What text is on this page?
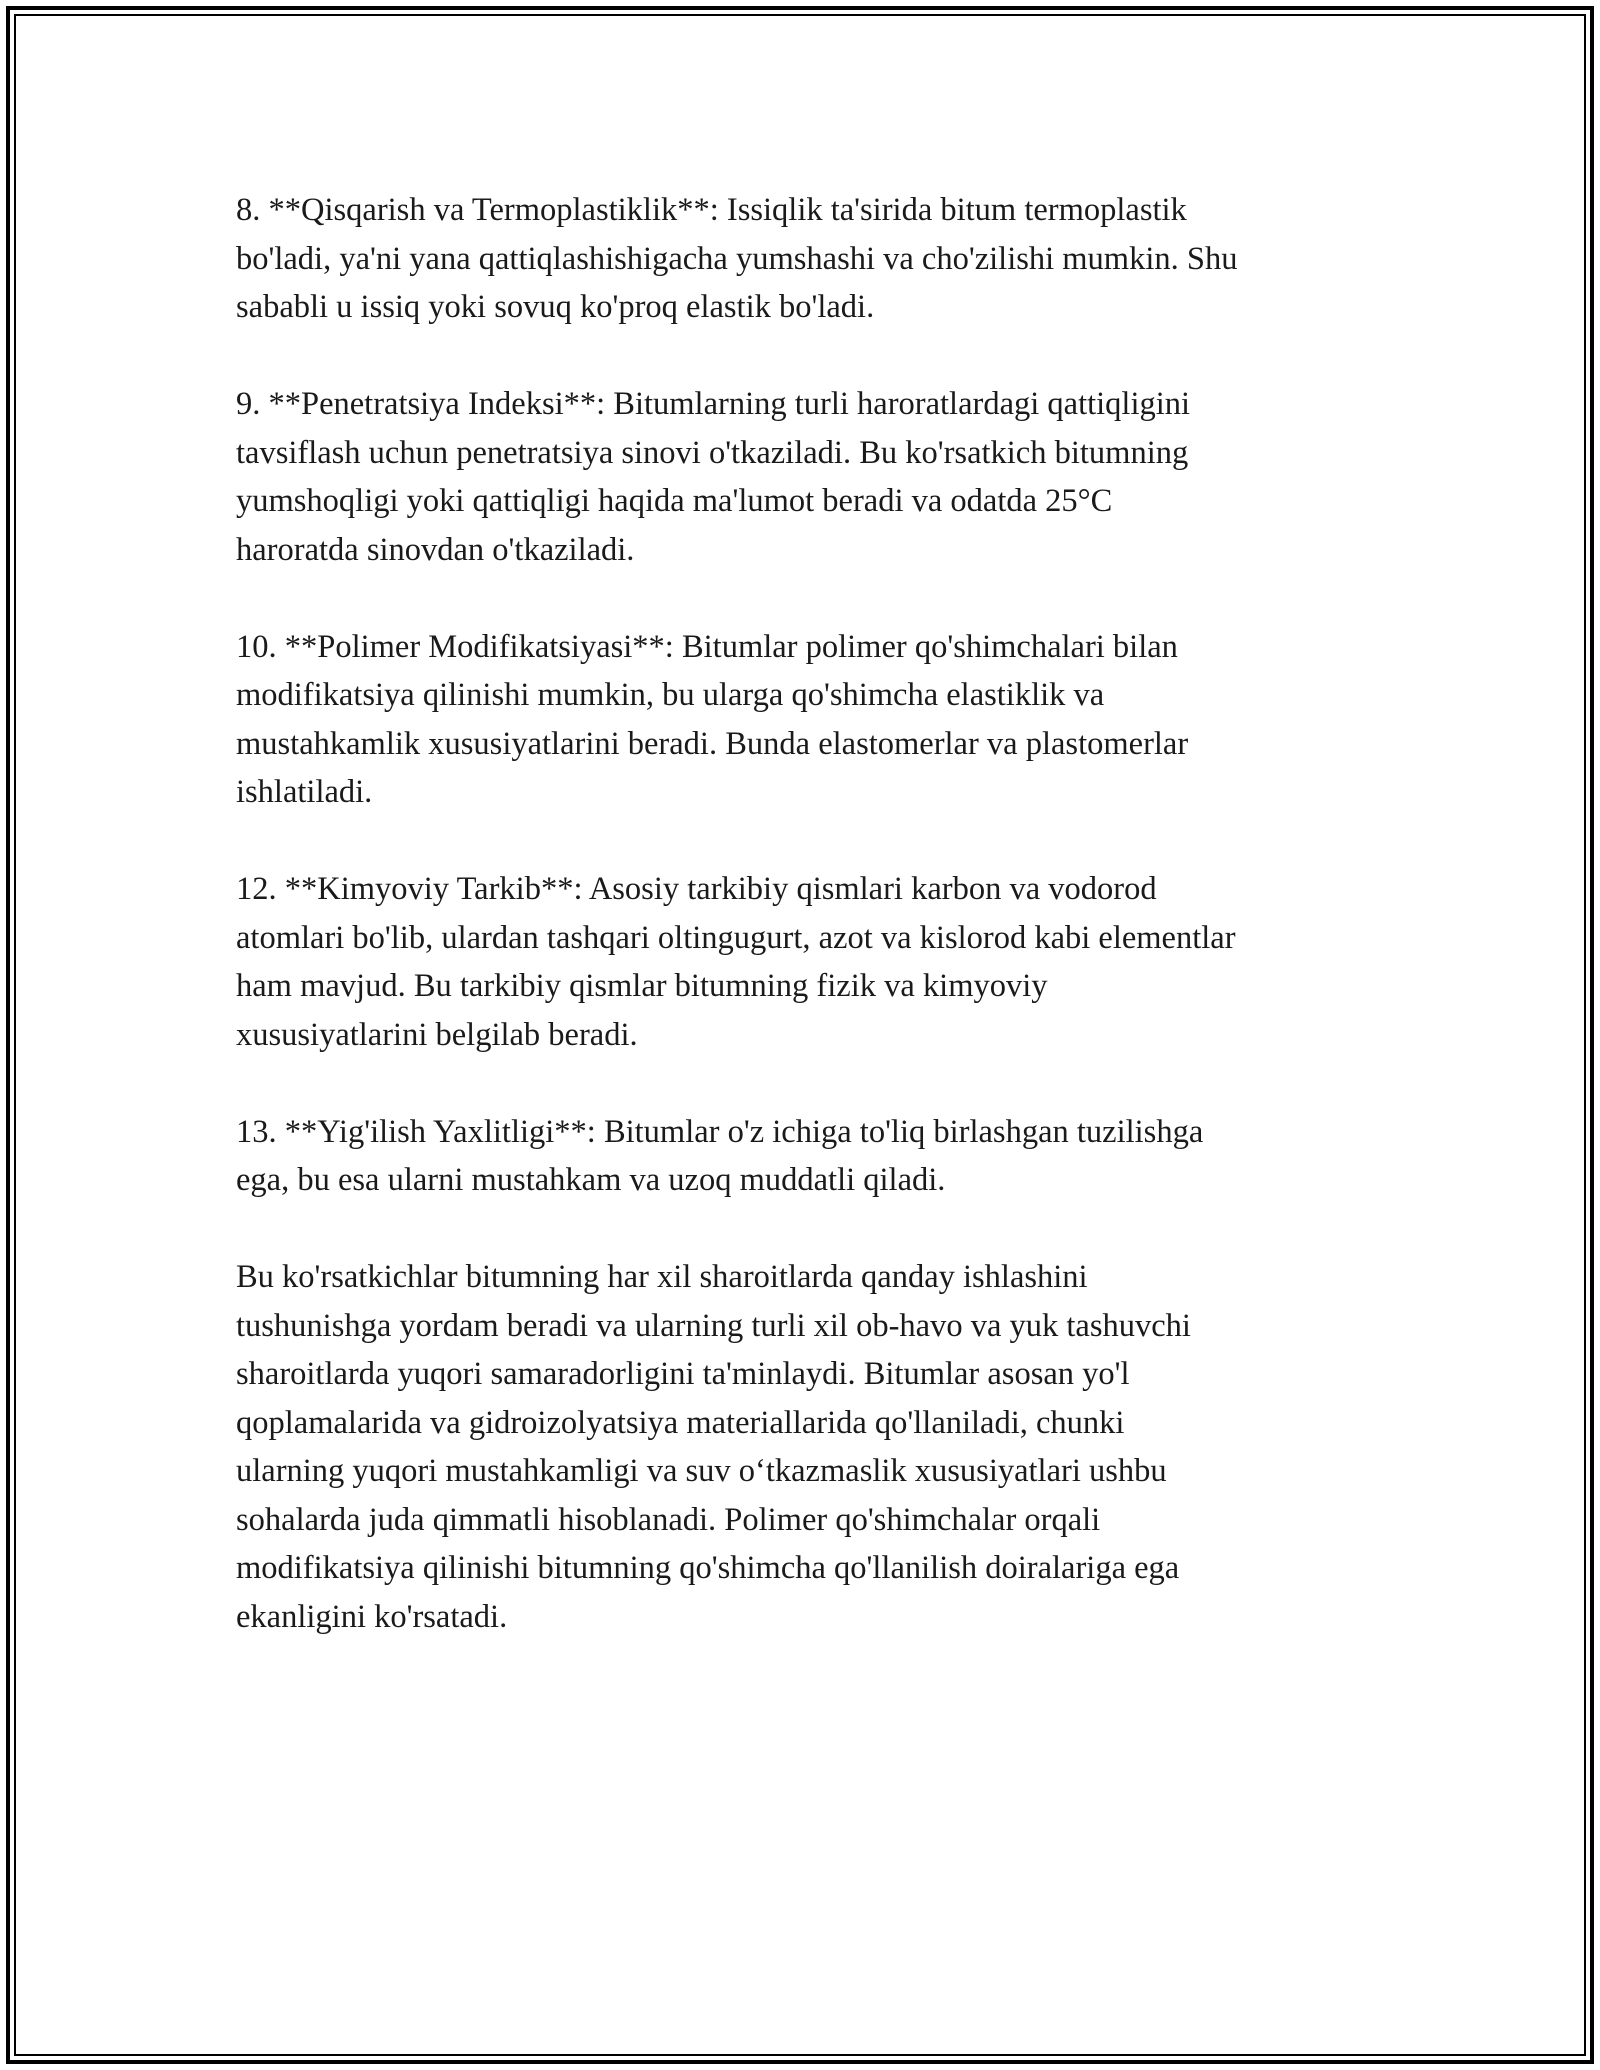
8. **Qisqarish va Termoplastiklik**: Issiqlik ta'sirida bitum termoplastik
bo'ladi, ya'ni yana qattiqlashishigacha yumshashi va cho'zilishi mumkin. Shu
sababli u issiq yoki sovuq ko'proq elastik bo'ladi.

9. **Penetratsiya Indeksi**: Bitumlarning turli haroratlardagi qattiqligini
tavsiflash uchun penetratsiya sinovi o'tkaziladi. Bu ko'rsatkich bitumning
yumshoqligi yoki qattiqligi haqida ma'lumot beradi va odatda 25°C
haroratda sinovdan o'tkaziladi.

10. **Polimer Modifikatsiyasi**: Bitumlar polimer qo'shimchalari bilan
modifikatsiya qilinishi mumkin, bu ularga qo'shimcha elastiklik va
mustahkamlik xususiyatlarini beradi. Bunda elastomerlar va plastomerlar
ishlatiladi.

12. **Kimyoviy Tarkib**: Asosiy tarkibiy qismlari karbon va vodorod
atomlari bo'lib, ulardan tashqari oltingugurt, azot va kislorod kabi elementlar
ham mavjud. Bu tarkibiy qismlar bitumning fizik va kimyoviy
xususiyatlarini belgilab beradi.

13. **Yig'ilish Yaxlitligi**: Bitumlar o'z ichiga to'liq birlashgan tuzilishga
ega, bu esa ularni mustahkam va uzoq muddatli qiladi.

Bu ko'rsatkichlar bitumning har xil sharoitlarda qanday ishlashini
tushunishga yordam beradi va ularning turli xil ob-havo va yuk tashuvchi
sharoitlarda yuqori samaradorligini ta'minlaydi. Bitumlar asosan yo'l
qoplamalarida va gidroizolyatsiya materiallarida qo'llaniladi, chunki
ularning yuqori mustahkamligi va suv o‘tkazmaslik xususiyatlari ushbu
sohalarda juda qimmatli hisoblanadi. Polimer qo'shimchalar orqali
modifikatsiya qilinishi bitumning qo'shimcha qo'llanilish doiralariga ega
ekanligini ko'rsatadi.
